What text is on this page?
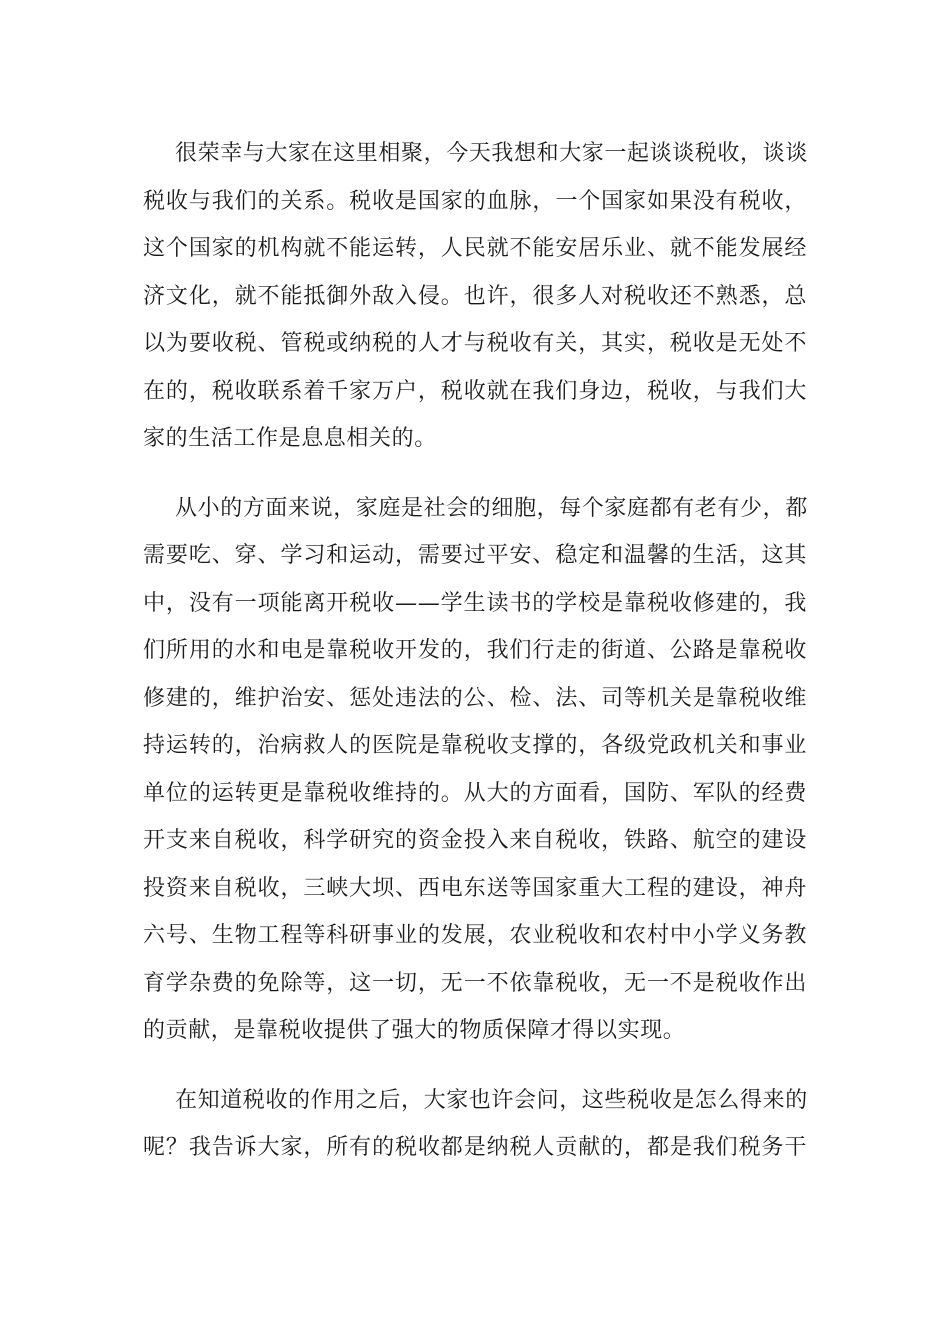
很荣幸与大家在这里相聚，今天我想和大家一起谈谈税收，谈谈
税收与我们的关系。税收是国家的血脉，一个国家如果没有税收，
这个国家的机构就不能运转，人民就不能安居乐业、就不能发展经
济文化，就不能抵御外敌入侵。也许，很多人对税收还不熟悉，总
以为要收税、管税或纳税的人才与税收有关，其实，税收是无处不
在的，税收联系着千家万户，税收就在我们身边，税收，与我们大
家的生活工作是息息相关的。
从小的方面来说，家庭是社会的细胞，每个家庭都有老有少，都
需要吃、穿、学习和运动，需要过平安、稳定和温馨的生活，这其
中，没有一项能离开税收——学生读书的学校是靠税收修建的，我
们所用的水和电是靠税收开发的，我们行走的街道、公路是靠税收
修建的，维护治安、惩处违法的公、检、法、司等机关是靠税收维
持运转的，治病救人的医院是靠税收支撑的，各级党政机关和事业
单位的运转更是靠税收维持的。从大的方面看，国防、军队的经费
开支来自税收，科学研究的资金投入来自税收，铁路、航空的建设
投资来自税收，三峡大坝、西电东送等国家重大工程的建设，神舟
六号、生物工程等科研事业的发展，农业税收和农村中小学义务教
育学杂费的免除等，这一切，无一不依靠税收，无一不是税收作出
的贡献，是靠税收提供了强大的物质保障才得以实现。
在知道税收的作用之后，大家也许会问，这些税收是怎么得来的
呢？我告诉大家，所有的税收都是纳税人贡献的，都是我们税务干
